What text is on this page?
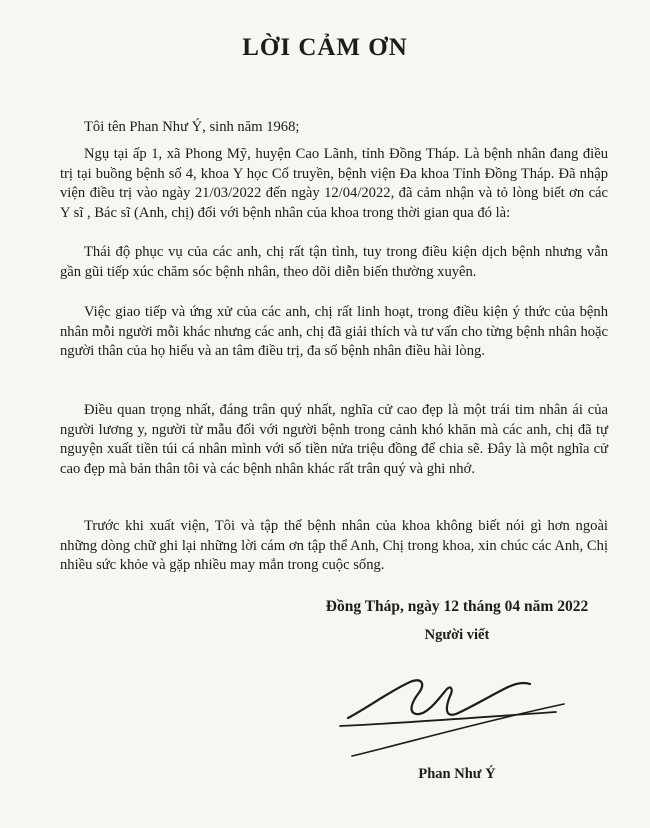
LỜI CẢM ƠN
Tôi tên Phan Như Ý, sinh năm 1968;
Ngụ tại ấp 1, xã Phong Mỹ, huyện Cao Lãnh, tỉnh Đồng Tháp. Là bệnh nhân đang điều trị tại buồng bệnh số 4, khoa Y học Cổ truyền, bệnh viện Đa khoa Tỉnh Đồng Tháp. Đã nhập viện điều trị vào ngày 21/03/2022 đến ngày 12/04/2022, đã cảm nhận và tỏ lòng biết ơn các Y sĩ , Bác sĩ (Anh, chị) đối với bệnh nhân của khoa trong thời gian qua đó là:
Thái độ phục vụ của các anh, chị rất tận tình, tuy trong điều kiện dịch bệnh nhưng vẫn gần gũi tiếp xúc chăm sóc bệnh nhân, theo dõi diễn biến thường xuyên.
Việc giao tiếp và ứng xử của các anh, chị rất linh hoạt, trong điều kiện ý thức của bệnh nhân mỗi người mỗi khác nhưng các anh, chị đã giải thích và tư vấn cho từng bệnh nhân hoặc người thân của họ hiểu và an tâm điều trị, đa số bệnh nhân điều hài lòng.
Điều quan trọng nhất, đáng trân quý nhất, nghĩa cử cao đẹp là một trái tim nhân ái của người lương y, người từ mẫu đối với người bệnh trong cảnh khó khăn mà các anh, chị đã tự nguyện xuất tiền túi cá nhân mình với số tiền nửa triệu đồng để chia sẽ. Đây là một nghĩa cử cao đẹp mà bản thân tôi và các bệnh nhân khác rất trân quý và ghi nhớ.
Trước khi xuất viện, Tôi và tập thể bệnh nhân của khoa không biết nói gì hơn ngoài những dòng chữ ghi lại những lời cám ơn tập thể Anh, Chị trong khoa, xin chúc các Anh, Chị nhiều sức khỏe và gặp nhiều may mắn trong cuộc sống.
Đồng Tháp, ngày 12 tháng 04 năm 2022
Người viết
Phan Như Ý
